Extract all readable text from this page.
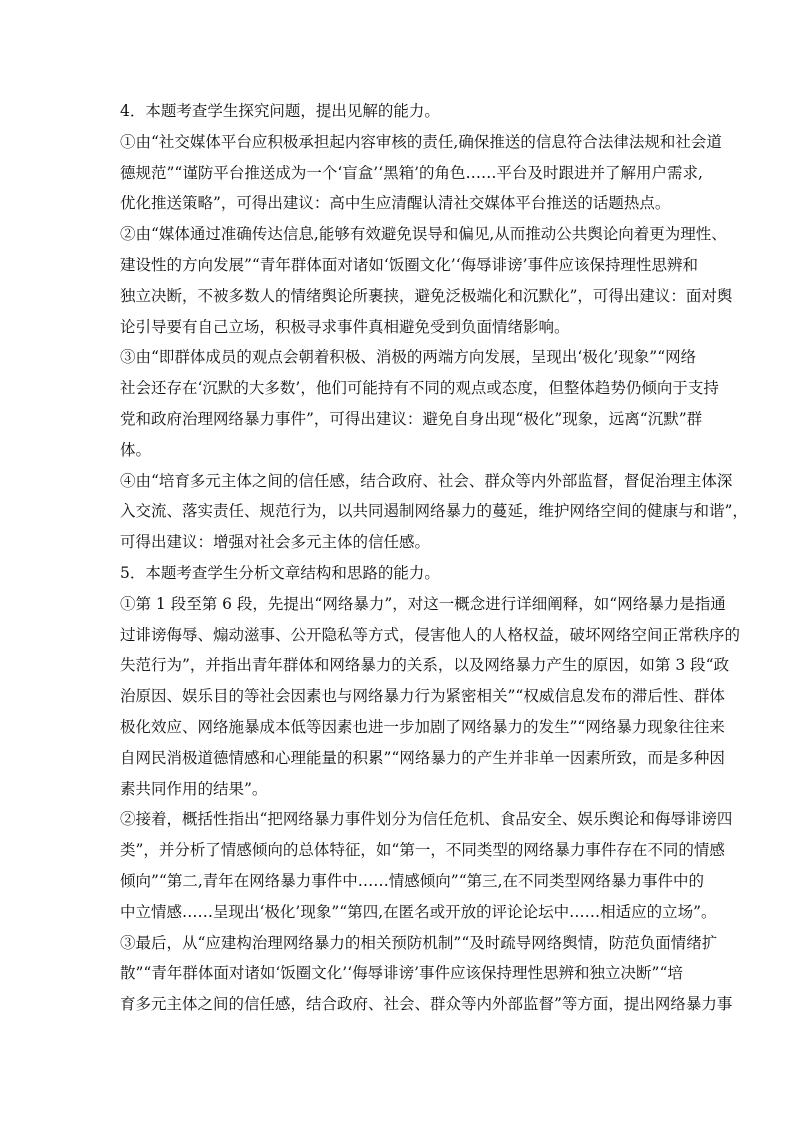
4．本题考查学生探究问题，提出见解的能力。
①由“社交媒体平台应积极承担起内容审核的责任,确保推送的信息符合法律法规和社会道
德规范”“谨防平台推送成为一个‘盲盒’‘黑箱’的角色……平台及时跟进并了解用户需求,
优化推送策略”，可得出建议：高中生应清醒认清社交媒体平台推送的话题热点。
②由“媒体通过准确传达信息,能够有效避免误导和偏见,从而推动公共舆论向着更为理性、
建设性的方向发展”“青年群体面对诸如‘饭圈文化’‘侮辱诽谤’事件应该保持理性思辨和
独立决断，不被多数人的情绪舆论所裹挟，避免泛极端化和沉默化”，可得出建议：面对舆
论引导要有自己立场，积极寻求事件真相避免受到负面情绪影响。
③由“即群体成员的观点会朝着积极、消极的两端方向发展，呈现出‘极化’现象”“网络
社会还存在‘沉默的大多数’，他们可能持有不同的观点或态度，但整体趋势仍倾向于支持
党和政府治理网络暴力事件”，可得出建议：避免自身出现“极化”现象，远离“沉默”群
体。
④由“培育多元主体之间的信任感，结合政府、社会、群众等内外部监督，督促治理主体深
入交流、落实责任、规范行为，以共同遏制网络暴力的蔓延，维护网络空间的健康与和谐”，
可得出建议：增强对社会多元主体的信任感。
5．本题考查学生分析文章结构和思路的能力。
①第 1 段至第 6 段，先提出“网络暴力”，对这一概念进行详细阐释，如“网络暴力是指通
过诽谤侮辱、煽动滋事、公开隐私等方式，侵害他人的人格权益，破坏网络空间正常秩序的
失范行为”，并指出青年群体和网络暴力的关系，以及网络暴力产生的原因，如第 3 段“政
治原因、娱乐目的等社会因素也与网络暴力行为紧密相关”“权威信息发布的滞后性、群体
极化效应、网络施暴成本低等因素也进一步加剧了网络暴力的发生”“网络暴力现象往往来
自网民消极道德情感和心理能量的积累”“网络暴力的产生并非单一因素所致，而是多种因
素共同作用的结果”。
②接着，概括性指出“把网络暴力事件划分为信任危机、食品安全、娱乐舆论和侮辱诽谤四
类”，并分析了情感倾向的总体特征，如“第一，不同类型的网络暴力事件存在不同的情感
倾向”“第二,青年在网络暴力事件中……情感倾向”“第三,在不同类型网络暴力事件中的
中立情感……呈现出‘极化’现象”“第四,在匿名或开放的评论论坛中……相适应的立场”。
③最后，从“应建构治理网络暴力的相关预防机制”“及时疏导网络舆情，防范负面情绪扩
散”“青年群体面对诸如‘饭圈文化’‘侮辱诽谤’事件应该保持理性思辨和独立决断”“培
育多元主体之间的信任感，结合政府、社会、群众等内外部监督”等方面，提出网络暴力事
